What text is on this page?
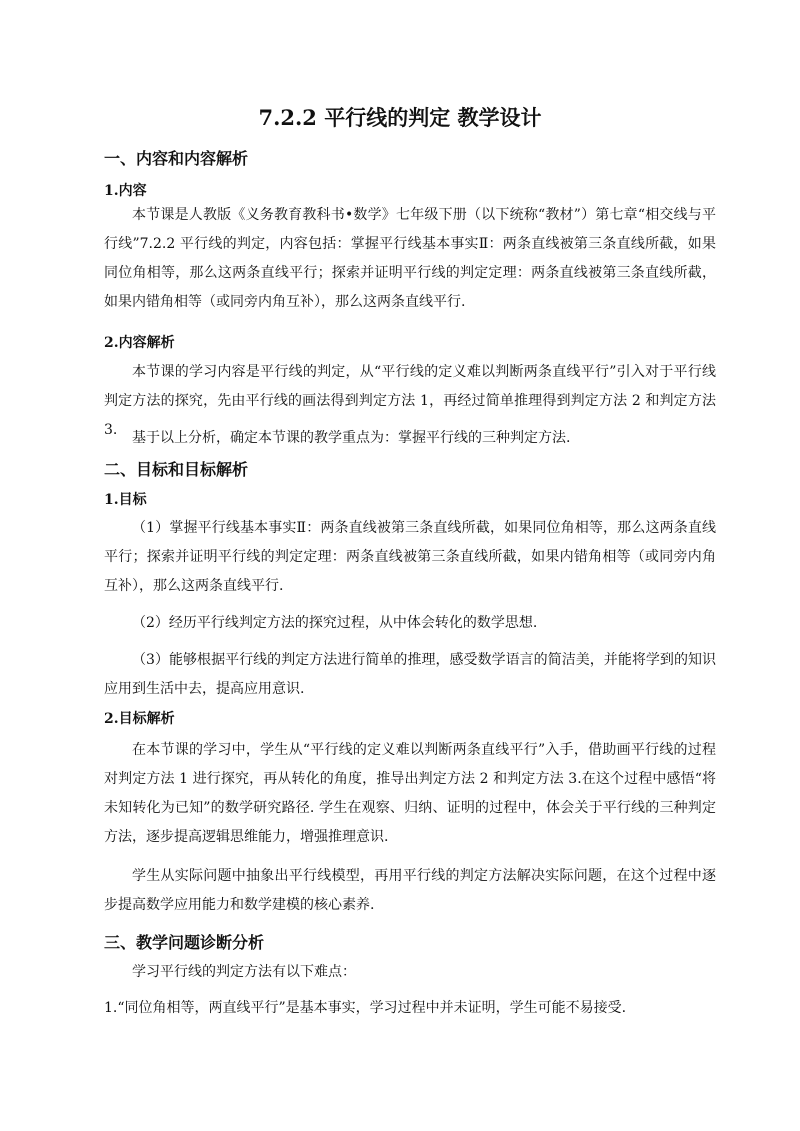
7.2.2 平行线的判定 教学设计
一、内容和内容解析
1.内容
本节课是人教版《义务教育教科书•数学》七年级下册（以下统称“教材”）第七章“相交线与平行线”7.2.2 平行线的判定，内容包括：掌握平行线基本事实Ⅱ：两条直线被第三条直线所截，如果同位角相等，那么这两条直线平行；探索并证明平行线的判定定理：两条直线被第三条直线所截，如果内错角相等（或同旁内角互补），那么这两条直线平行.
2.内容解析
本节课的学习内容是平行线的判定，从“平行线的定义难以判断两条直线平行”引入对于平行线判定方法的探究，先由平行线的画法得到判定方法 1，再经过简单推理得到判定方法 2 和判定方法 3.	基于以上分析，确定本节课的教学重点为：掌握平行线的三种判定方法.
二、目标和目标解析
1.目标
（1）掌握平行线基本事实Ⅱ：两条直线被第三条直线所截，如果同位角相等，那么这两条直线平行；探索并证明平行线的判定定理：两条直线被第三条直线所截，如果内错角相等（或同旁内角互补），那么这两条直线平行.
（2）经历平行线判定方法的探究过程，从中体会转化的数学思想.
（3）能够根据平行线的判定方法进行简单的推理，感受数学语言的简洁美，并能将学到的知识应用到生活中去，提高应用意识.
2.目标解析
在本节课的学习中，学生从“平行线的定义难以判断两条直线平行”入手，借助画平行线的过程对判定方法 1 进行探究，再从转化的角度，推导出判定方法 2 和判定方法 3.在这个过程中感悟“将未知转化为已知”的数学研究路径. 学生在观察、归纳、证明的过程中，体会关于平行线的三种判定方法，逐步提高逻辑思维能力，增强推理意识.
学生从实际问题中抽象出平行线模型，再用平行线的判定方法解决实际问题，在这个过程中逐步提高数学应用能力和数学建模的核心素养.
三、教学问题诊断分析
学习平行线的判定方法有以下难点：
1.“同位角相等，两直线平行”是基本事实，学习过程中并未证明，学生可能不易接受.
